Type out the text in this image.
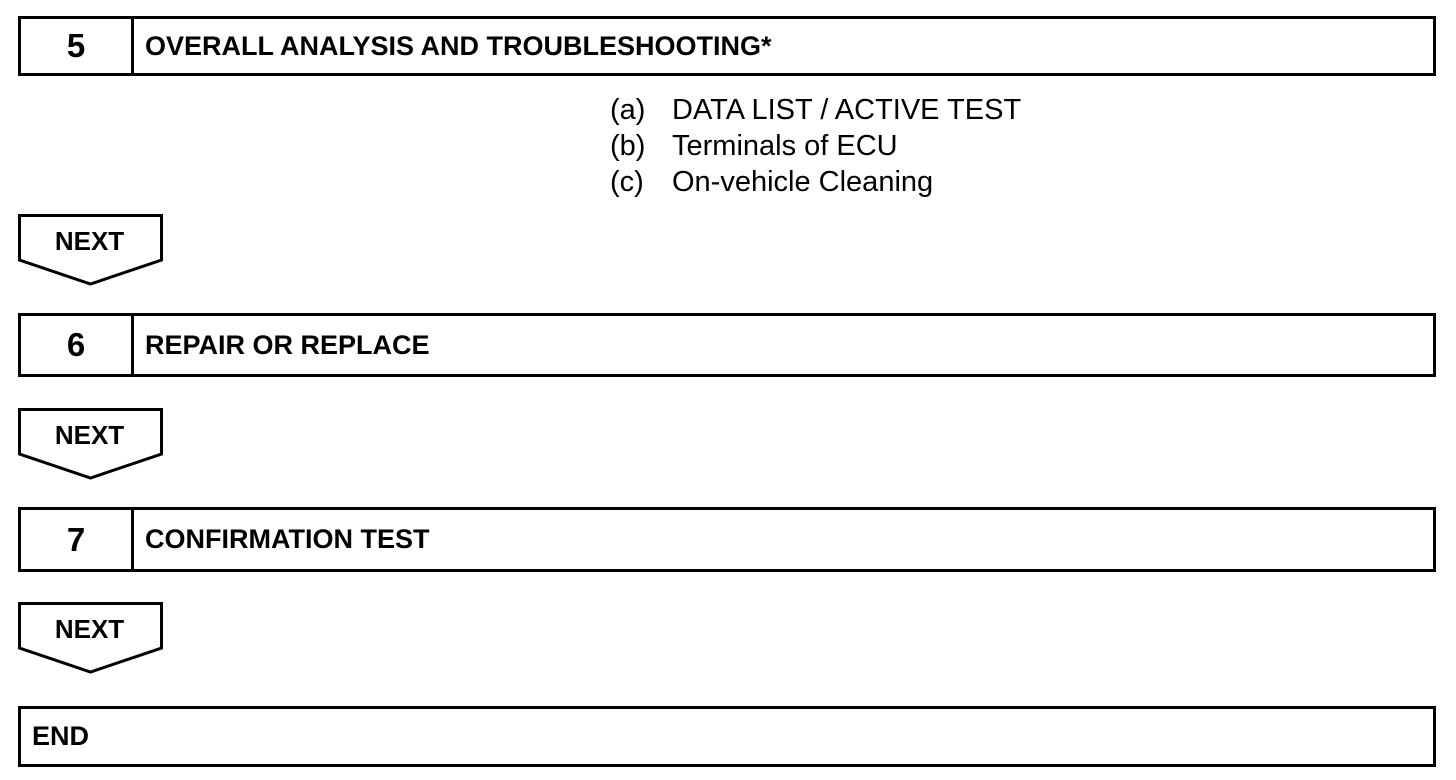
5	OVERALL ANALYSIS AND TROUBLESHOOTING*
(a) DATA LIST / ACTIVE TEST
(b) Terminals of ECU
(c) On-vehicle Cleaning
NEXT
6	REPAIR OR REPLACE
NEXT
7	CONFIRMATION TEST
NEXT
END
